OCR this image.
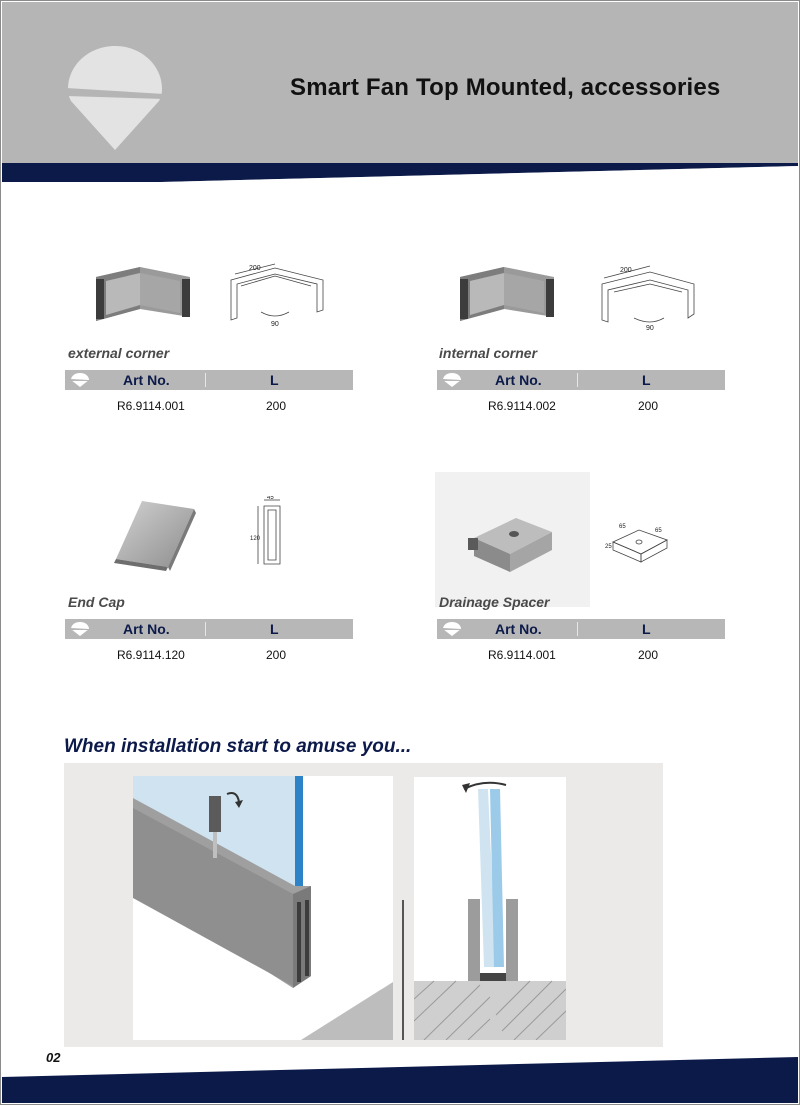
Smart Fan Top Mounted, accessories
200
90
external corner
Art No.	L
R6.9114.001	200
200
90
internal corner
Art No.	L
R6.9114.002	200
45
120
End Cap
Art No.	L
R6.9114.120	200
65
65
25
Drainage Spacer
Art No.	L
R6.9114.001	200
When installation start to amuse you...
02
